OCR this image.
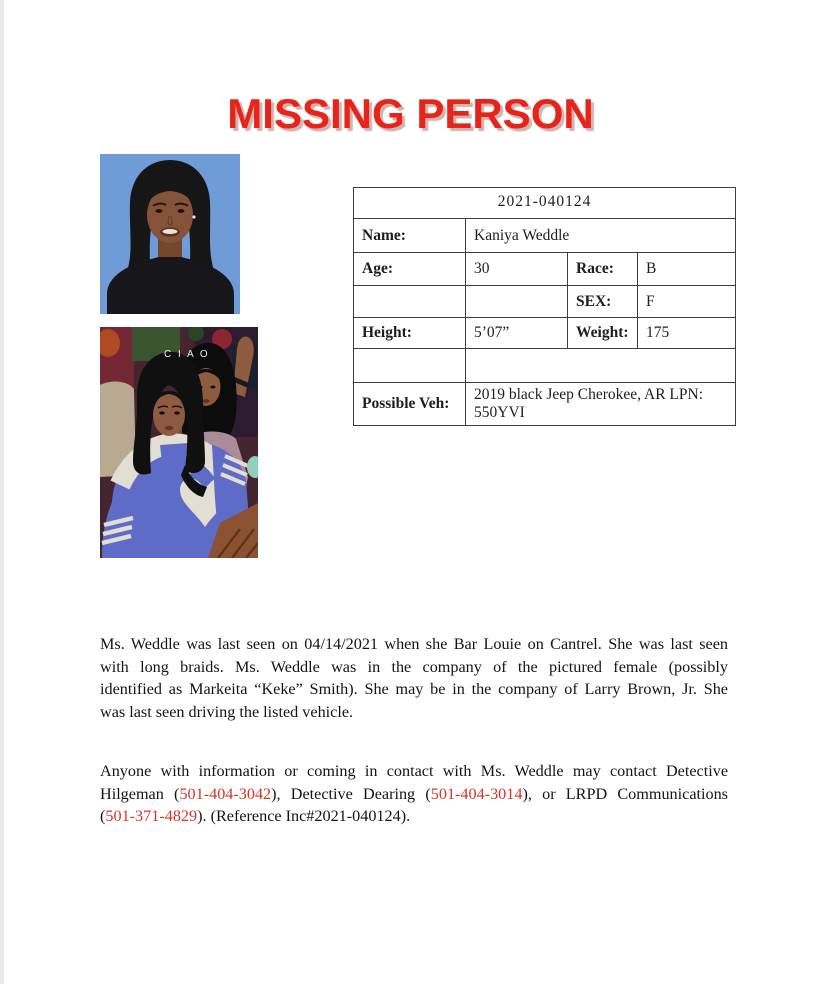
MISSING PERSON
C I A O
2021-040124			
Name:	Kaniya Weddle		
Age:	30	Race:	B
		SEX:	F
Height:	5’07”	Weight:	175

Possible Veh:	2019 black Jeep Cherokee, AR LPN: 550YVI		
Ms. Weddle was last seen on 04/14/2021 when she Bar Louie on Cantrel. She was last seen
with long braids. Ms. Weddle was in the company of the pictured female (possibly
identified as Markeita “Keke” Smith). She may be in the company of Larry Brown, Jr. She
was last seen driving the listed vehicle.
Anyone with information or coming in contact with Ms. Weddle may contact Detective
Hilgeman (501-404-3042), Detective Dearing (501-404-3014), or LRPD Communications
(501-371-4829). (Reference Inc#2021-040124).
